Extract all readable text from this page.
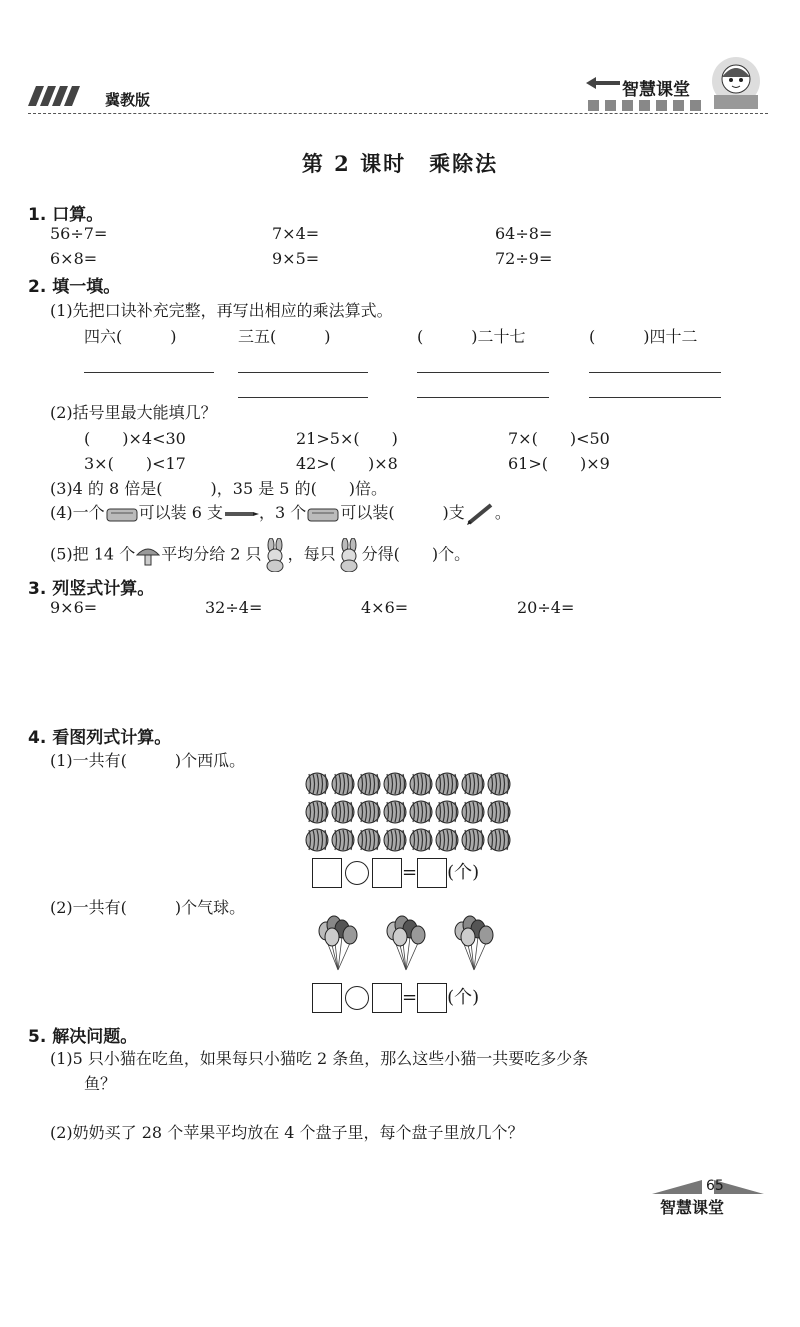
冀教版	智慧课堂
第 2 课时　乘除法
1. 口算。
56÷7=	7×4=	64÷8=
6×8=	9×5=	72÷9=
2. 填一填。
(1)先把口诀补充完整，再写出相应的乘法算式。
四六(　　　)	三五(　　　)	(　　　)二十七	(　　　)四十二
(2)括号里最大能填几？
(　　)×4<30	21>5×(　　)	7×(　　)<50
3×(　　)<17	42>(　　)×8	61>(　　)×9
(3)4 的 8 倍是(　　　)，35 是 5 的(　　)倍。
(4)一个 可以装 6 支 ，3 个 可以装(　　　)支 。
(5)把 14 个 平均分给 2 只 ，每只 分得(　　)个。
3. 列竖式计算。
9×6=	32÷4=	4×6=	20÷4=
4. 看图列式计算。
(1)一共有(　　　)个西瓜。
= (个)
(2)一共有(　　　)个气球。
= (个)
5. 解决问题。
(1)5 只小猫在吃鱼，如果每只小猫吃 2 条鱼，那么这些小猫一共要吃多少条
鱼？
(2)奶奶买了 28 个苹果平均放在 4 个盘子里，每个盘子里放几个？
65
智慧课堂
